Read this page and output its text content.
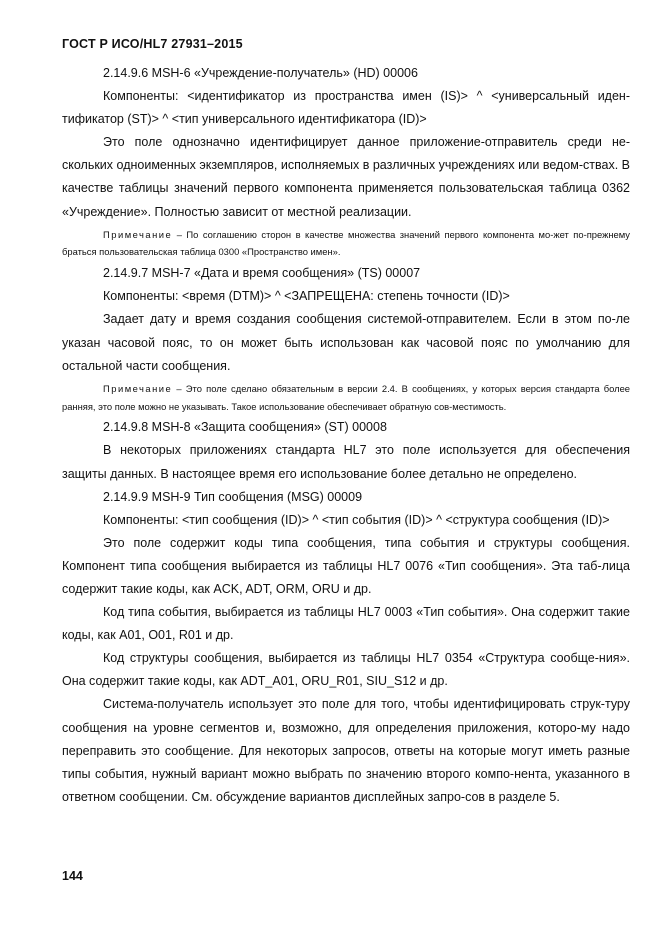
ГОСТ Р ИСО/HL7 27931–2015

2.14.9.6 MSH-6 «Учреждение-получатель» (HD) 00006

Компоненты: <идентификатор из пространства имен (IS)> ^ <универсальный иден-тификатор (ST)> ^ <тип универсального идентификатора (ID)>

Это поле однозначно идентифицирует данное приложение-отправитель среди не-скольких одноименных экземпляров, исполняемых в различных учреждениях или ведом-ствах. В качестве таблицы значений первого компонента применяется пользовательская таблица 0362 «Учреждение». Полностью зависит от местной реализации.

Примечание – По соглашению сторон в качестве множества значений первого компонента мо-жет по-прежнему браться пользовательская таблица 0300 «Пространство имен».

2.14.9.7 MSH-7 «Дата и время сообщения» (TS) 00007

Компоненты: <время (DTM)> ^ <ЗАПРЕЩЕНА: степень точности (ID)>

Задает дату и время создания сообщения системой-отправителем. Если в этом по-ле указан часовой пояс, то он может быть использован как часовой пояс по умолчанию для остальной части сообщения.

Примечание – Это поле сделано обязательным в версии 2.4. В сообщениях, у которых версия стандарта более ранняя, это поле можно не указывать. Такое использование обеспечивает обратную сов-местимость.

2.14.9.8 MSH-8 «Защита сообщения» (ST) 00008

В некоторых приложениях стандарта HL7 это поле используется для обеспечения защиты данных. В настоящее время его использование более детально не определено.

2.14.9.9 MSH-9 Тип сообщения (MSG) 00009

Компоненты: <тип сообщения (ID)> ^ <тип события (ID)> ^ <структура сообщения (ID)>

Это поле содержит коды типа сообщения, типа события и структуры сообщения. Компонент типа сообщения выбирается из таблицы HL7 0076 «Тип сообщения». Эта таб-лица содержит такие коды, как ACK, ADT, ORM, ORU и др.

Код типа события, выбирается из таблицы HL7 0003 «Тип события». Она содержит такие коды, как A01, O01, R01 и др.

Код структуры сообщения, выбирается из таблицы HL7 0354 «Структура сообще-ния». Она содержит такие коды, как ADT_A01, ORU_R01, SIU_S12 и др.

Система-получатель использует это поле для того, чтобы идентифицировать струк-туру сообщения на уровне сегментов и, возможно, для определения приложения, которо-му надо переправить это сообщение. Для некоторых запросов, ответы на которые могут иметь разные типы события, нужный вариант можно выбрать по значению второго компо-нента, указанного в ответном сообщении. См. обсуждение вариантов дисплейных запро-сов в разделе 5.

144
